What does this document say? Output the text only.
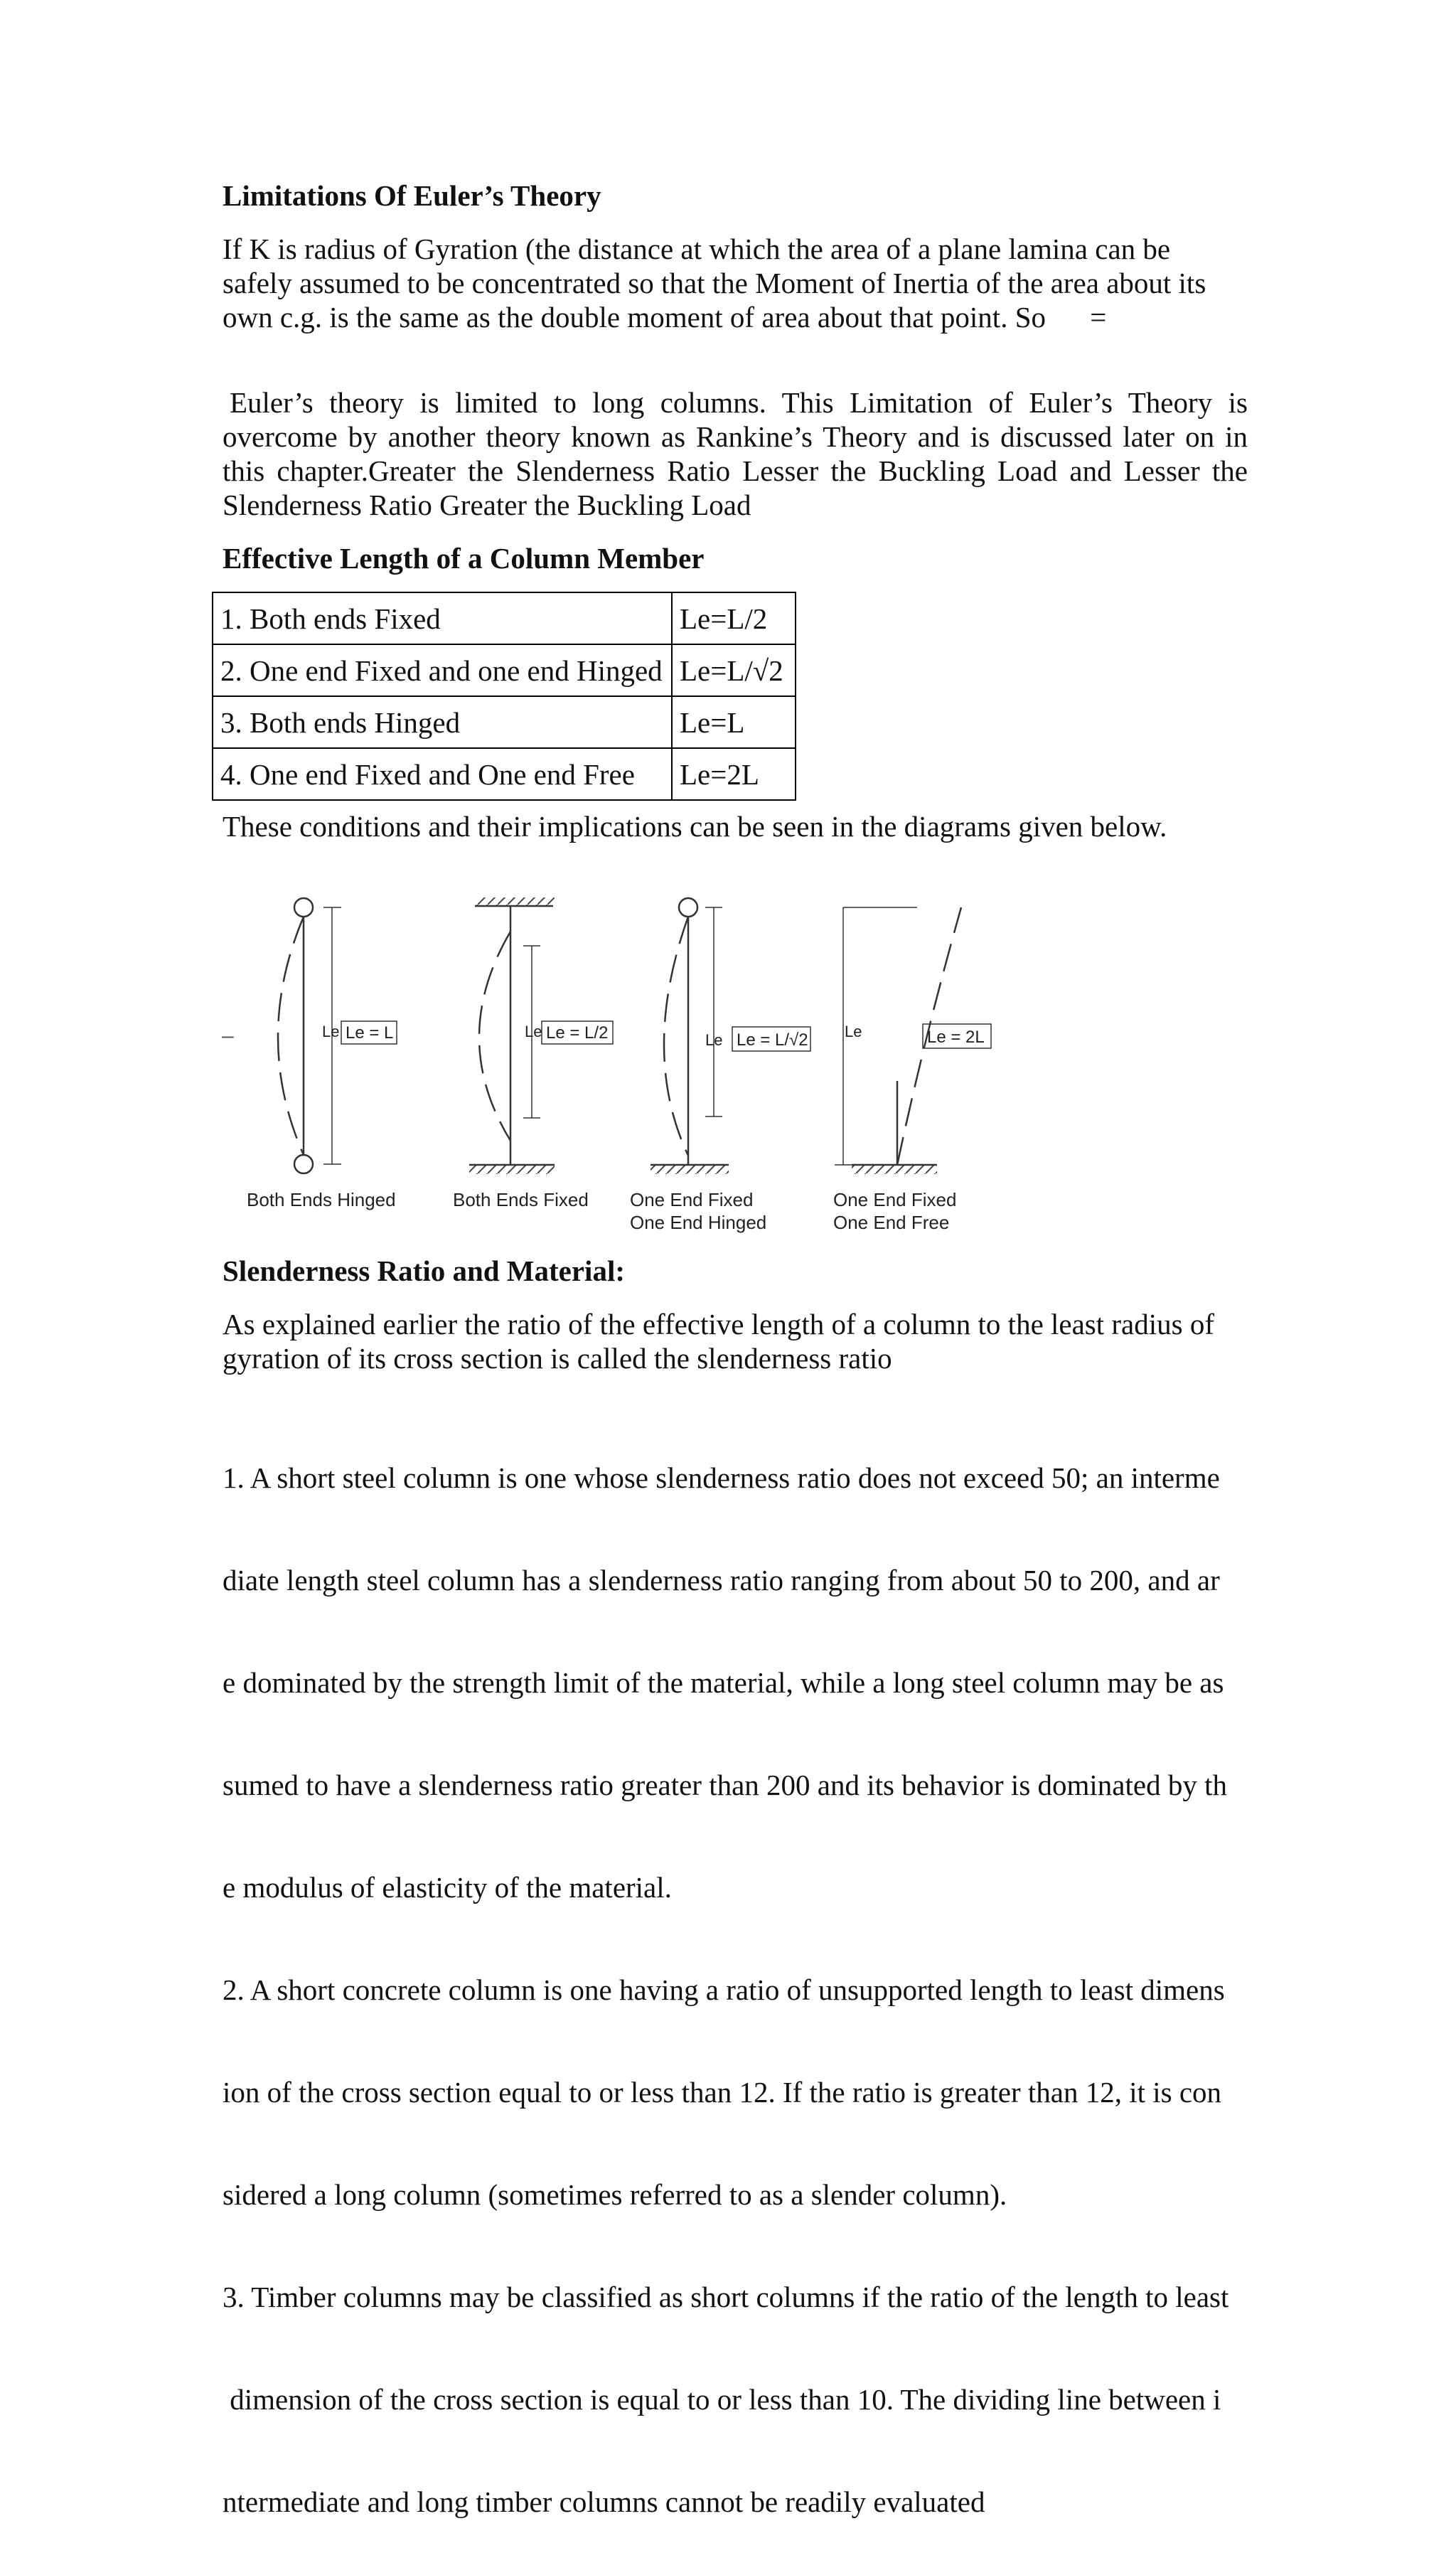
Limitations Of Euler’s Theory
If K is radius of Gyration (the distance at which the area of a plane lamina can be
safely assumed to be concentrated so that the Moment of Inertia of the area about its
own c.g. is the same as the double moment of area about that point. So =
Euler’s theory is limited to long columns. This Limitation of Euler’s Theory is overcome by another theory known as Rankine’s Theory and is discussed later on in this chapter.Greater the Slenderness Ratio Lesser the Buckling Load and Lesser the Slenderness Ratio Greater the Buckling Load
Effective Length of a Column Member
1. Both ends Fixed	Le=L/2
2. One end Fixed and one end Hinged	Le=L/√2
3. Both ends Hinged	Le=L
4. One end Fixed and One end Free	Le=2L
These conditions and their implications can be seen in the diagrams given below.
–	Le Le = L	Le Le = L/2	Le Le = L/√2 Le	Le = 2L
Both Ends Hinged	Both Ends Fixed One End Fixed
One End Hinged
One End Fixed
One End Free
Slenderness Ratio and Material:
As explained earlier the ratio of the effective length of a column to the least radius of
gyration of its cross section is called the slenderness ratio

1. A short steel column is one whose slenderness ratio does not exceed 50; an interme

diate length steel column has a slenderness ratio ranging from about 50 to 200, and ar

e dominated by the strength limit of the material, while a long steel column may be as

sumed to have a slenderness ratio greater than 200 and its behavior is dominated by th

e modulus of elasticity of the material.

2. A short concrete column is one having a ratio of unsupported length to least dimens

ion of the cross section equal to or less than 12. If the ratio is greater than 12, it is con

sidered a long column (sometimes referred to as a slender column).

3. Timber columns may be classified as short columns if the ratio of the length to least

dimension of the cross section is equal to or less than 10. The dividing line between i

ntermediate and long timber columns cannot be readily evaluated
